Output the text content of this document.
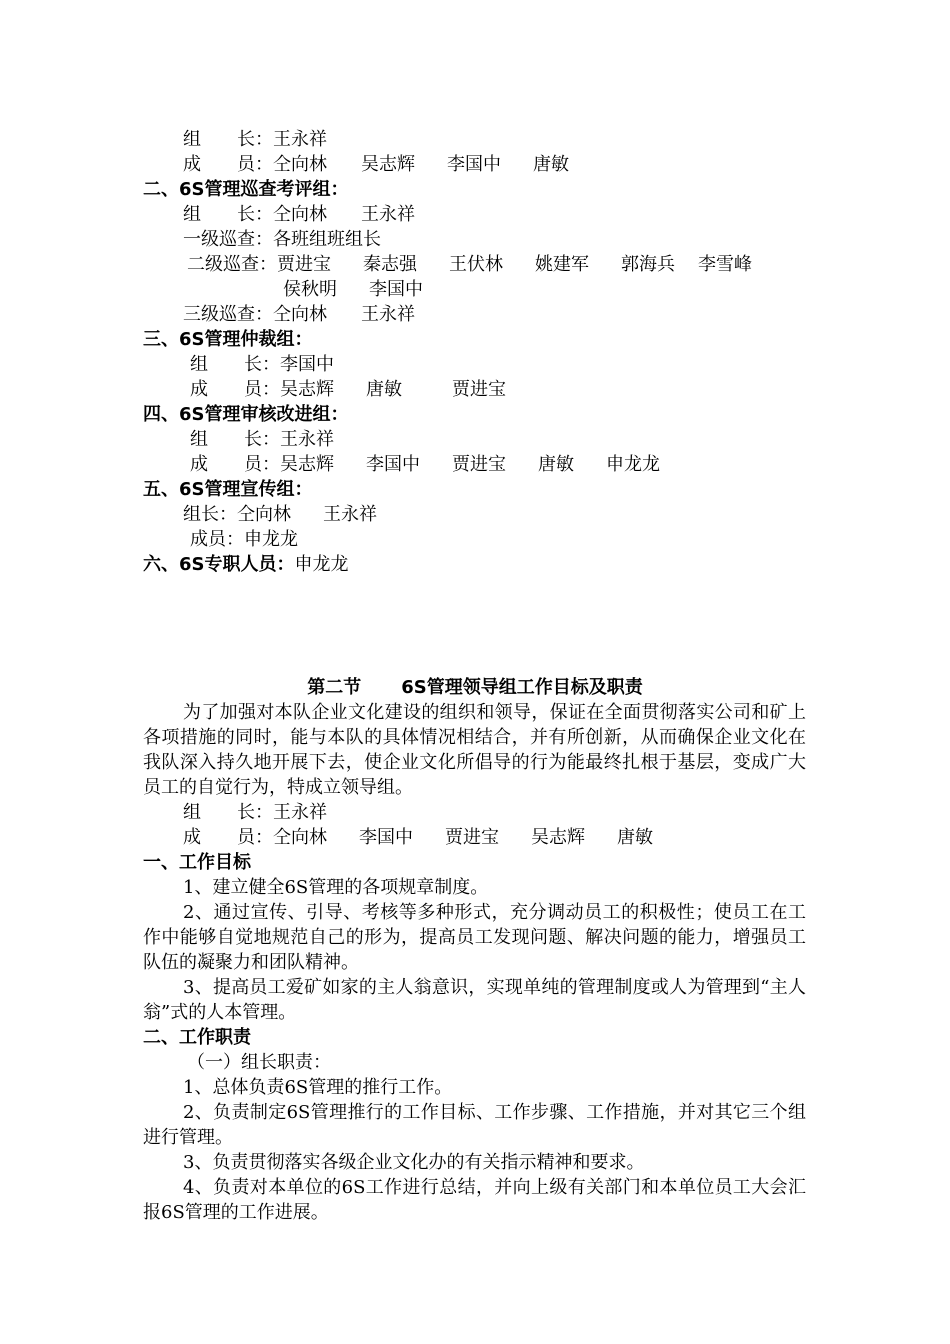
组　　长：王永祥
成　　员：仝向林 吴志辉 李国中 唐敏
二、6S管理巡查考评组：
组　　长：仝向林 王永祥
一级巡查：各班组班组长
二级巡查：贾进宝 秦志强 王伏林 姚建军 郭海兵 李雪峰
侯秋明 李国中
三级巡查：仝向林 王永祥
三、6S管理仲裁组：
组　　长：李国中
成　　员：吴志辉 唐敏	贾进宝
四、6S管理审核改进组：
组　　长：王永祥
成　　员：吴志辉 李国中 贾进宝 唐敏 申龙龙
五、6S管理宣传组：
组长：仝向林 王永祥
成员：申龙龙
六、6S专职人员：申龙龙
第二节 6S管理领导组工作目标及职责
为了加强对本队企业文化建设的组织和领导，保证在全面贯彻落实公司和矿上各项措施的同时，能与本队的具体情况相结合，并有所创新，从而确保企业文化在我队深入持久地开展下去，使企业文化所倡导的行为能最终扎根于基层，变成广大员工的自觉行为，特成立领导组。
组　　长：王永祥
成　　员：仝向林 李国中 贾进宝 吴志辉 唐敏
一、工作目标
1、建立健全6S管理的各项规章制度。
2、通过宣传、引导、考核等多种形式，充分调动员工的积极性；使员工在工作中能够自觉地规范自己的形为，提高员工发现问题、解决问题的能力，增强员工队伍的凝聚力和团队精神。
3、提高员工爱矿如家的主人翁意识，实现单纯的管理制度或人为管理到“主人翁”式的人本管理。
二、工作职责
（一）组长职责：
1、总体负责6S管理的推行工作。
2、负责制定6S管理推行的工作目标、工作步骤、工作措施，并对其它三个组进行管理。
3、负责贯彻落实各级企业文化办的有关指示精神和要求。
4、负责对本单位的6S工作进行总结，并向上级有关部门和本单位员工大会汇报6S管理的工作进展。
